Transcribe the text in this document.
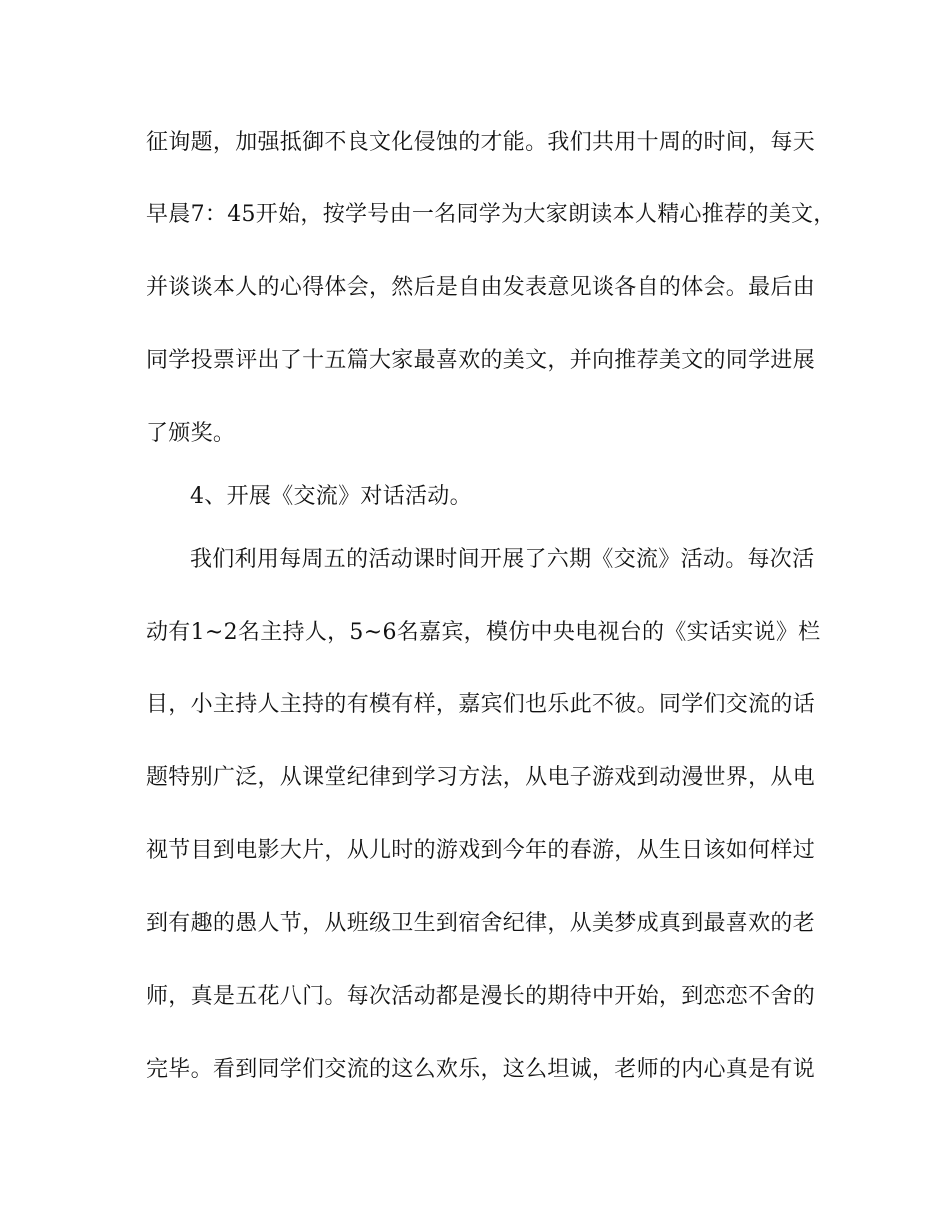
征询题，加强抵御不良文化侵蚀的才能。我们共用十周的时间，每天
早晨7：45开始，按学号由一名同学为大家朗读本人精心推荐的美文，
并谈谈本人的心得体会，然后是自由发表意见谈各自的体会。最后由
同学投票评出了十五篇大家最喜欢的美文，并向推荐美文的同学进展
了颁奖。
4、开展《交流》对话活动。
我们利用每周五的活动课时间开展了六期《交流》活动。每次活
动有1~2名主持人，5~6名嘉宾，模仿中央电视台的《实话实说》栏
目，小主持人主持的有模有样，嘉宾们也乐此不彼。同学们交流的话
题特别广泛，从课堂纪律到学习方法，从电子游戏到动漫世界，从电
视节目到电影大片，从儿时的游戏到今年的春游，从生日该如何样过
到有趣的愚人节，从班级卫生到宿舍纪律，从美梦成真到最喜欢的老
师，真是五花八门。每次活动都是漫长的期待中开始，到恋恋不舍的
完毕。看到同学们交流的这么欢乐，这么坦诚，老师的内心真是有说
